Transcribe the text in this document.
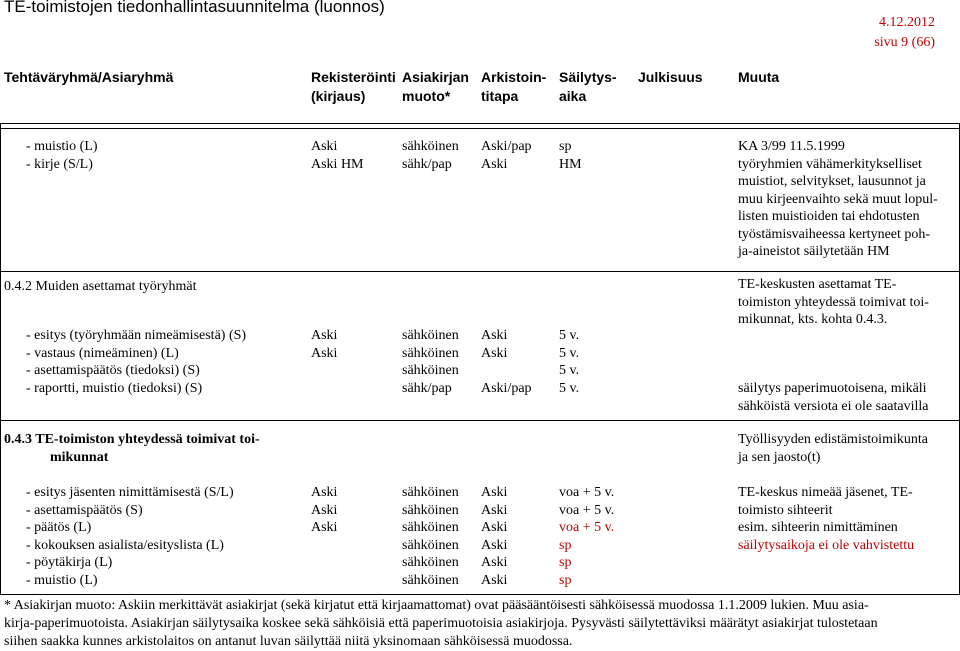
TE-toimistojen tiedonhallintasuunnitelma (luonnos)
4.12.2012
sivu 9 (66)
Tehtäväryhmä/Asiaryhmä	Rekisteröinti
(kirjaus)
Asiakirjan
muoto*
Arkistoin-
titapa
Säilytys-
aika
Julkisuus	Muuta
- muistio (L)
- kirje (S/L)
Aski
Aski HM
sähköinen
sähk/pap
Aski/pap
Aski
sp
HM
KA 3/99 11.5.1999
työryhmien vähämerkitykselliset
muistiot, selvitykset, lausunnot ja
muu kirjeenvaihto sekä muut lopul-
listen muistioiden tai ehdotusten
työstämisvaiheessa kertyneet poh-
ja-aineistot säilytetään HM
0.4.2 Muiden asettamat työryhmät
- esitys (työryhmään nimeämisestä) (S)
- vastaus (nimeäminen) (L)
- asettamispäätös (tiedoksi) (S)
- raportti, muistio (tiedoksi) (S)
Aski
Aski
sähköinen
sähköinen
sähköinen
sähk/pap
Aski
Aski
Aski/pap
5 v.
5 v.
5 v.
5 v.
TE-keskusten asettamat TE-
toimiston yhteydessä toimivat toi-
mikunnat, kts. kohta 0.4.3.
säilytys paperimuotoisena, mikäli
sähköistä versiota ei ole saatavilla
0.4.3 TE-toimiston yhteydessä toimivat toi-
mikunnat
Työllisyyden edistämistoimikunta
ja sen jaosto(t)
- esitys jäsenten nimittämisestä (S/L)
- asettamispäätös (S)
- päätös (L)
- kokouksen asialista/esityslista (L)
- pöytäkirja (L)
- muistio (L)
Aski
Aski
Aski
sähköinen
sähköinen
sähköinen
sähköinen
sähköinen
sähköinen
Aski
Aski
Aski
Aski
Aski
Aski
voa + 5 v.
voa + 5 v.
voa + 5 v.
sp
sp
sp
TE-keskus nimeää jäsenet, TE-
toimisto sihteerit
esim. sihteerin nimittäminen
säilytysaikoja ei ole vahvistettu
* Asiakirjan muoto: Askiin merkittävät asiakirjat (sekä kirjatut että kirjaamattomat) ovat pääsääntöisesti sähköisessä muodossa 1.1.2009 lukien. Muu asia-
kirja-paperimuotoista. Asiakirjan säilytysaika koskee sekä sähköisiä että paperimuotoisia asiakirjoja. Pysyvästi säilytettäviksi määrätyt asiakirjat tulostetaan
siihen saakka kunnes arkistolaitos on antanut luvan säilyttää niitä yksinomaan sähköisessä muodossa.
